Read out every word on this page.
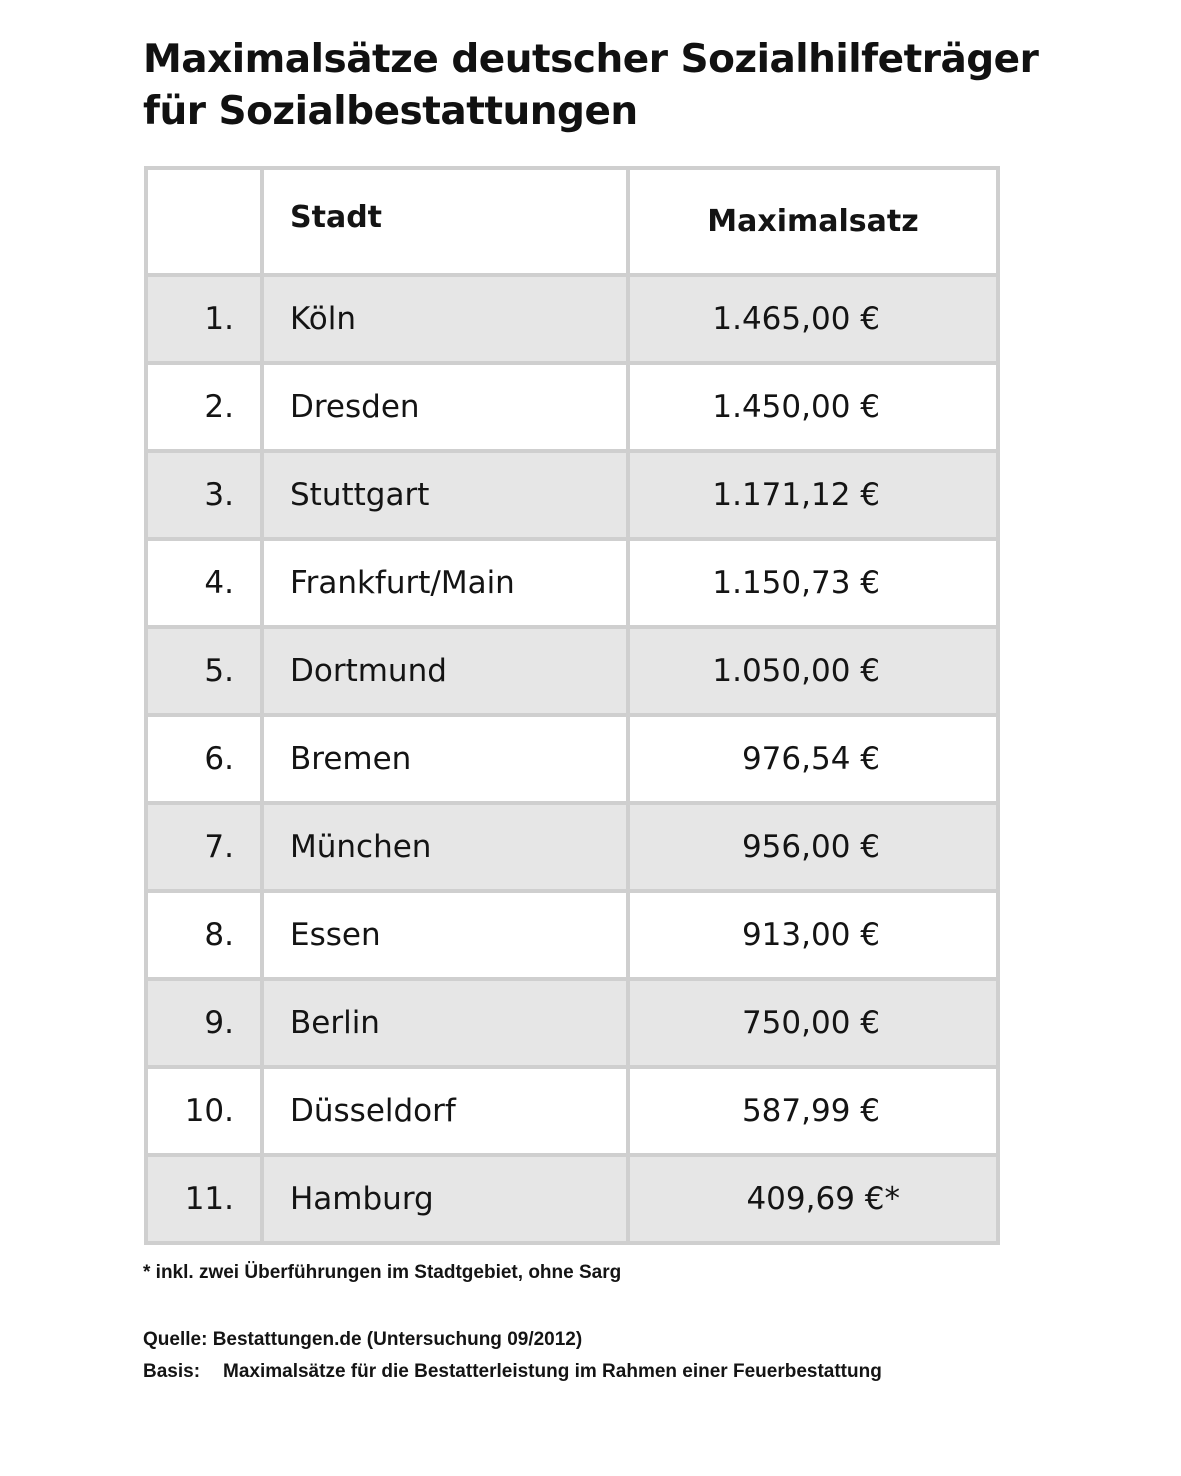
Maximalsätze deutscher Sozialhilfeträger
für Sozialbestattungen
	Stadt	Maximalsatz
1.	Köln	1.465,00 €
2.	Dresden	1.450,00 €
3.	Stuttgart	1.171,12 €
4.	Frankfurt/Main	1.150,73 €
5.	Dortmund	1.050,00 €
6.	Bremen	976,54 €
7.	München	956,00 €
8.	Essen	913,00 €
9.	Berlin	750,00 €
10.	Düsseldorf	587,99 €
11.	Hamburg	409,69 €*

* inkl. zwei Überführungen im Stadtgebiet, ohne Sarg

Quelle: Bestattungen.de (Untersuchung 09/2012)
Basis: Maximalsätze für die Bestatterleistung im Rahmen einer Feuerbestattung
